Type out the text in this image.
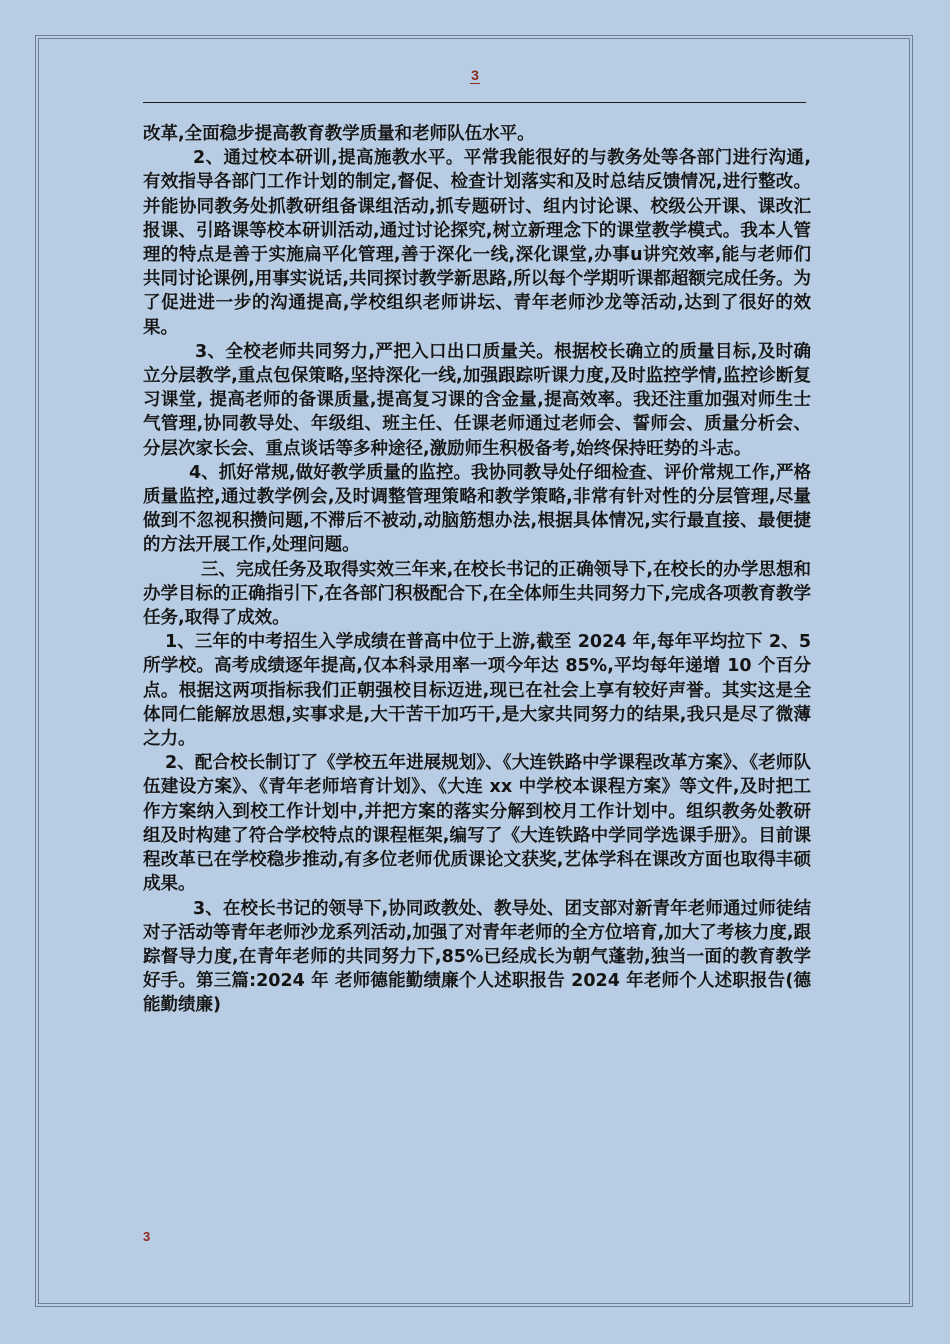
3

改革,全面稳步提高教育教学质量和老师队伍水平。

2、通过校本研训,提高施教水平。平常我能很好的与教务处等各部门进行沟通,有效指导各部门工作计划的制定,督促、检查计划落实和及时总结反馈情况,进行整改。并能协同教务处抓教研组备课组活动,抓专题研讨、组内讨论课、校级公开课、课改汇报课、引路课等校本研训活动,通过讨论探究,树立新理念下的课堂教学模式。我本人管理的特点是善于实施扁平化管理,善于深化一线,深化课堂,办事u讲究效率,能与老师们共同讨论课例,用事实说话,共同探讨教学新思路,所以每个学期听课都超额完成任务。为了促进进一步的沟通提高,学校组织老师讲坛、青年老师沙龙等活动,达到了很好的效果。

3、全校老师共同努力,严把入口出口质量关。根据校长确立的质量目标,及时确立分层教学,重点包保策略,坚持深化一线,加强跟踪听课力度,及时监控学情,监控诊断复习课堂, 提高老师的备课质量,提高复习课的含金量,提高效率。我还注重加强对师生士气管理,协同教导处、年级组、班主任、任课老师通过老师会、誓师会、质量分析会、分层次家长会、重点谈话等多种途径,激励师生积极备考,始终保持旺势的斗志。

4、抓好常规,做好教学质量的监控。我协同教导处仔细检查、评价常规工作,严格质量监控,通过教学例会,及时调整管理策略和教学策略,非常有针对性的分层管理,尽量做到不忽视积攒问题,不滞后不被动,动脑筋想办法,根据具体情况,实行最直接、最便捷的方法开展工作,处理问题。

三、完成任务及取得实效三年来,在校长书记的正确领导下,在校长的办学思想和办学目标的正确指引下,在各部门积极配合下,在全体师生共同努力下,完成各项教育教学任务,取得了成效。

1、三年的中考招生入学成绩在普高中位于上游,截至 2024 年,每年平均拉下 2、5 所学校。高考成绩逐年提高,仅本科录用率一项今年达 85%,平均每年递增 10 个百分点。根据这两项指标我们正朝强校目标迈进,现已在社会上享有较好声誉。其实这是全体同仁能解放思想,实事求是,大干苦干加巧干,是大家共同努力的结果,我只是尽了微薄之力。

2、配合校长制订了《学校五年进展规划》、《大连铁路中学课程改革方案》、《老师队伍建设方案》、《青年老师培育计划》、《大连 xx 中学校本课程方案》等文件,及时把工作方案纳入到校工作计划中,并把方案的落实分解到校月工作计划中。组织教务处教研组及时构建了符合学校特点的课程框架,编写了《大连铁路中学同学选课手册》。目前课程改革已在学校稳步推动,有多位老师优质课论文获奖,艺体学科在课改方面也取得丰硕成果。

3、在校长书记的领导下,协同政教处、教导处、团支部对新青年老师通过师徒结对子活动等青年老师沙龙系列活动,加强了对青年老师的全方位培育,加大了考核力度,跟踪督导力度,在青年老师的共同努力下,85%已经成长为朝气蓬勃,独当一面的教育教学好手。第三篇:2024 年 老师德能勤绩廉个人述职报告 2024 年老师个人述职报告(德能勤绩廉)

3
